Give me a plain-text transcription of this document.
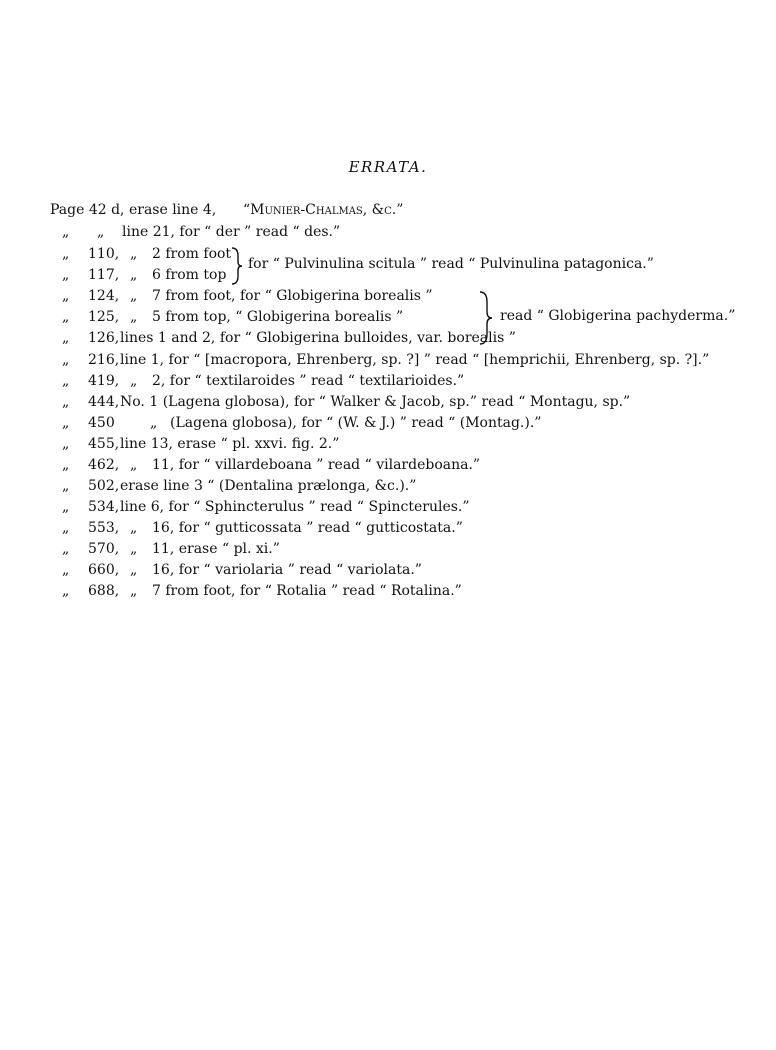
ERRATA.
Page 42 d, erase line 4, “Munier-Chalmas, &c.”
„ „ line 21, for “ der ” read “ des.”
„ 110, „ 2 from foot
„ 117, „ 6 from top
for “ Pulvinulina scitula ” read “ Pulvinulina patagonica.”
„ 124, „ 7 from foot, for “ Globigerina borealis ”
„ 125, „ 5 from top, “ Globigerina borealis ”
„ 126, lines 1 and 2, for “ Globigerina bulloides, var. borealis ”
read “ Globigerina pachyderma.”
„ 216, line 1, for “ [macropora, Ehrenberg, sp. ?] ” read “ [hemprichii, Ehrenberg, sp. ?].”
„ 419, „ 2, for “ textilaroides ” read “ textilarioides.”
„ 444, No. 1 (Lagena globosa), for “ Walker & Jacob, sp.” read “ Montagu, sp.”
„ 450	„ (Lagena globosa), for “ (W. & J.) ” read “ (Montag.).”
„ 455, line 13, erase “ pl. xxvi. fig. 2.”
„ 462, „ 11, for “ villardeboana ” read “ vilardeboana.”
„ 502, erase line 3 “ (Dentalina prælonga, &c.).”
„ 534, line 6, for “ Sphincterulus ” read “ Spincterules.”
„ 553, „ 16, for “ gutticossata ” read “ gutticostata.”
„ 570, „ 11, erase “ pl. xi.”
„ 660, „ 16, for “ variolaria ” read “ variolata.”
„ 688, „ 7 from foot, for “ Rotalia ” read “ Rotalina.”
